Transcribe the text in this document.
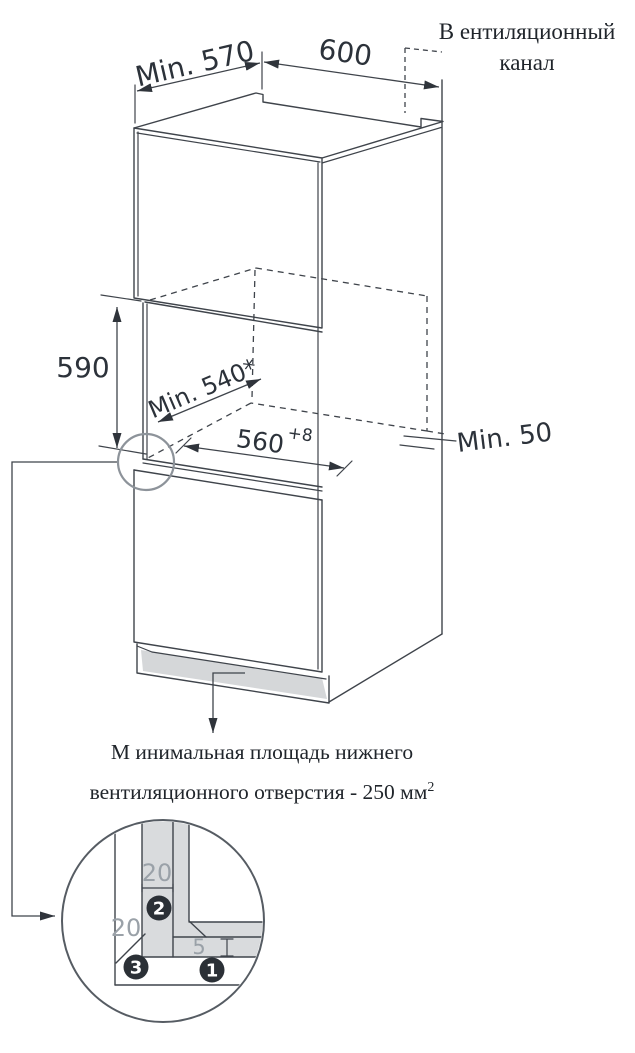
20
20
5
2
3	1
Min. 570 600
590 Min. 540*
560 +8	Min. 50
В ентиляционный
канал
М инимальная площадь нижнего
вентиляционного отверстия - 250 $мм^2$
